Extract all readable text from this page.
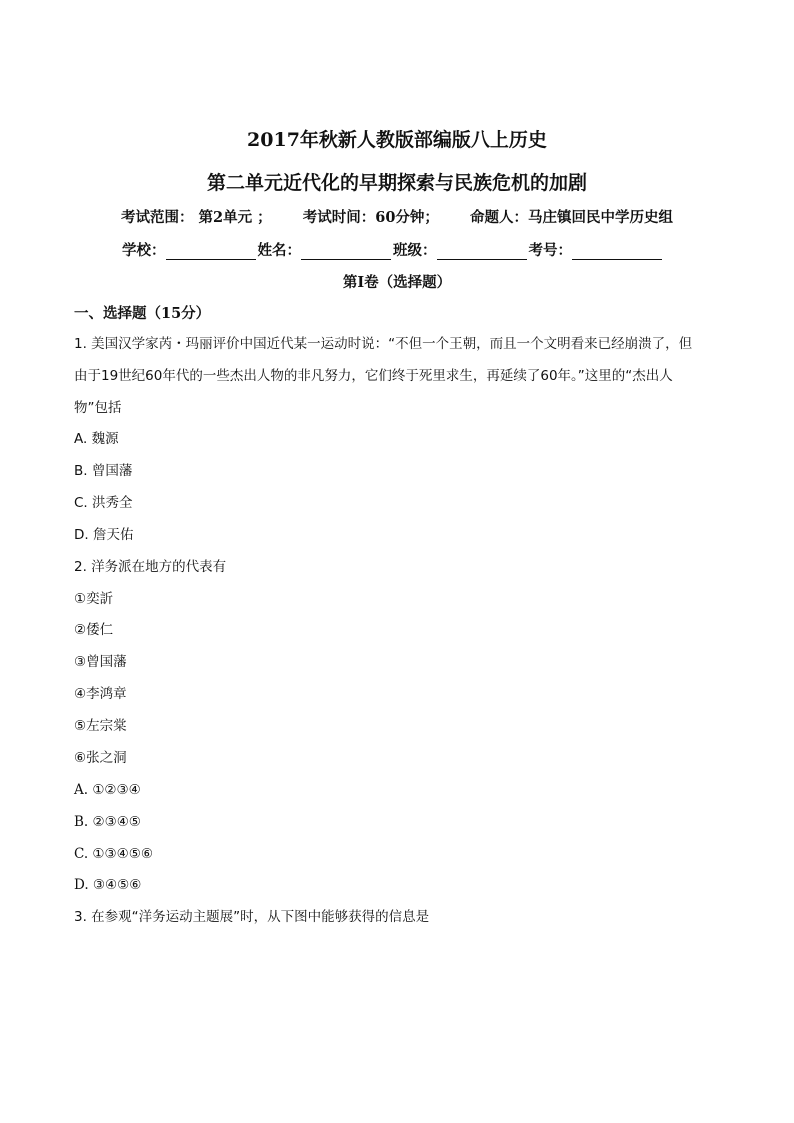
2017年秋新人教版部编版八上历史
第二单元近代化的早期探索与民族危机的加剧
考试范围： 第2单元 ； 考试时间：60分钟； 命题人：马庄镇回民中学历史组
学校：	姓名：	班级：	考号：
第I卷（选择题）
一、选择题（15分）
1. 美国汉学家芮・玛丽评价中国近代某一运动时说：“不但一个王朝，而且一个文明看来已经崩溃了，但
由于19世纪60年代的一些杰出人物的非凡努力，它们终于死里求生，再延续了60年。”这里的“杰出人
物”包括
A. 魏源
B. 曾国藩
C. 洪秀全
D. 詹天佑
2. 洋务派在地方的代表有
①奕訢
②倭仁
③曾国藩
④李鸿章
⑤左宗棠
⑥张之洞
A. ①②③④
B. ②③④⑤
C. ①③④⑤⑥
D. ③④⑤⑥
3. 在参观“洋务运动主题展”时，从下图中能够获得的信息是
